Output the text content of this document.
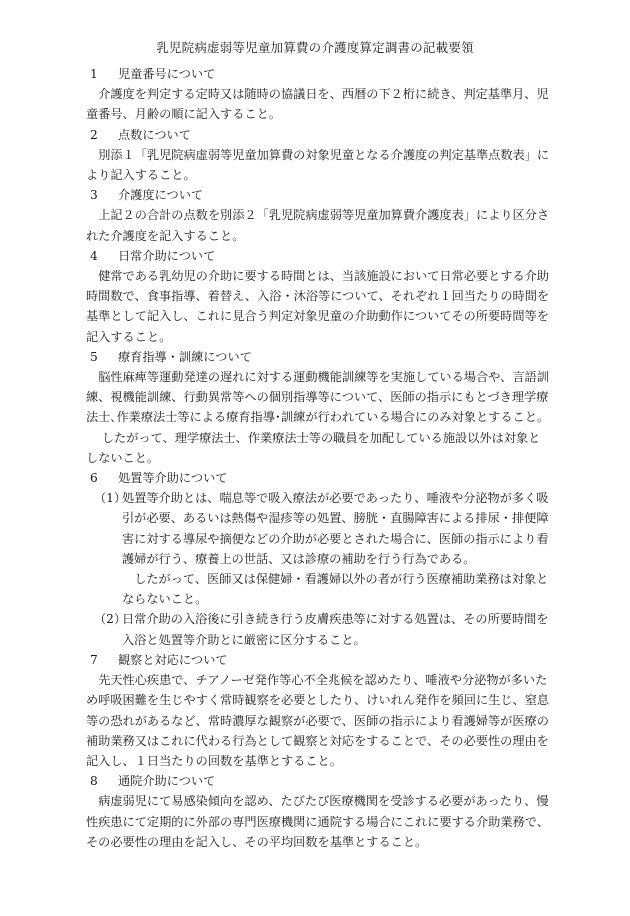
乳児院病虚弱等児童加算費の介護度算定調書の記載要領
1	児童番号について

介護度を判定する定時又は随時の協議日を、西暦の下２桁に続き、判定基準月、児童番号、月齢の順に記入すること。

2	点数について

別添１「乳児院病虚弱等児童加算費の対象児童となる介護度の判定基準点数表」により記入すること。

3	介護度について

上記２の合計の点数を別添２「乳児院病虚弱等児童加算費介護度表」により区分された介護度を記入すること。

4	日常介助について

健常である乳幼児の介助に要する時間とは、当該施設において日常必要とする介助時間数で、食事指導、着替え、入浴・沐浴等について、それぞれ１回当たりの時間を基準として記入し、これに見合う判定対象児童の介助動作についてその所要時間等を記入すること。

5	療育指導・訓練について

脳性麻痺等運動発達の遅れに対する運動機能訓練等を実施している場合や、言語訓練、視機能訓練、行動異常等への個別指導等について、医師の指示にもとづき理学療法士､作業療法士等による療育指導･訓練が行われている場合にのみ対象とすること。

したがって、理学療法士、作業療法士等の職員を加配している施設以外は対象としないこと。

6	処置等介助について
（1）
処置等介助とは、喘息等で吸入療法が必要であったり、唾液や分泌物が多く吸引が必要、あるいは熱傷や湿疹等の処置、膀胱・直腸障害による排尿・排便障害に対する導尿や摘便などの介助が必要とされた場合に、医師の指示により看護婦が行う、療養上の世話、又は診療の補助を行う行為である。

したがって、医師又は保健婦・看護婦以外の者が行う医療補助業務は対象とならないこと。

（2）
日常介助の入浴後に引き続き行う皮膚疾患等に対する処置は、その所要時間を入浴と処置等介助とに厳密に区分すること。
7	観察と対応について

先天性心疾患で、チアノーゼ発作等心不全兆候を認めたり、唾液や分泌物が多いため呼吸困難を生じやすく常時観察を必要としたり、けいれん発作を頻回に生じ、窒息等の恐れがあるなど、常時濃厚な観察が必要で、医師の指示により看護婦等が医療の補助業務又はこれに代わる行為として観察と対応をすることで、その必要性の理由を記入し、１日当たりの回数を基準とすること。

8	通院介助について

病虚弱児にて易感染傾向を認め、たびたび医療機関を受診する必要があったり、慢性疾患にて定期的に外部の専門医療機関に通院する場合にこれに要する介助業務で、その必要性の理由を記入し、その平均回数を基準とすること。
